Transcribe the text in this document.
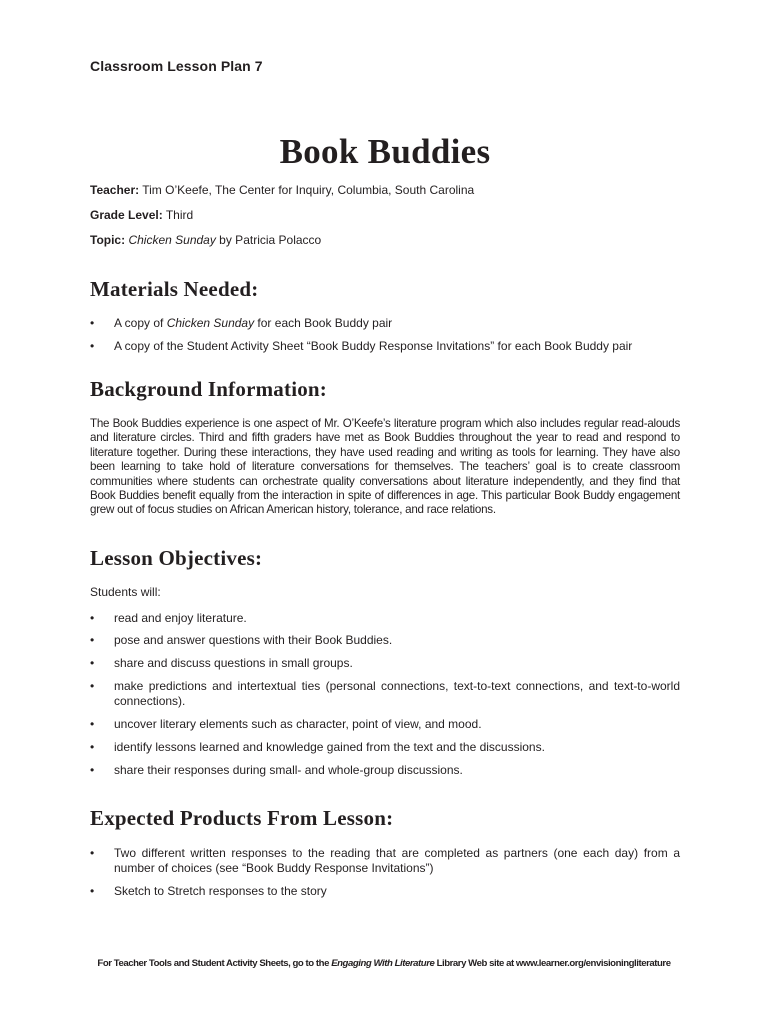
Classroom Lesson Plan 7
Book Buddies
Teacher: Tim O’Keefe, The Center for Inquiry, Columbia, South Carolina
Grade Level: Third
Topic: Chicken Sunday by Patricia Polacco
Materials Needed:
• A copy of Chicken Sunday for each Book Buddy pair
• A copy of the Student Activity Sheet “Book Buddy Response Invitations” for each Book Buddy pair
Background Information:

The Book Buddies experience is one aspect of Mr. O’Keefe’s literature program which also includes regular read-alouds and literature circles. Third and fifth graders have met as Book Buddies throughout the year to read and respond to literature together. During these interactions, they have used reading and writing as tools for learning. They have also been learning to take hold of literature conversations for themselves. The teachers’ goal is to create classroom communities where students can orchestrate quality conversations about literature independently, and they find that Book Buddies benefit equally from the interaction in spite of differences in age. This particular Book Buddy engagement grew out of focus studies on African American history, tolerance, and race relations.

Lesson Objectives:

Students will:

• read and enjoy literature.
• pose and answer questions with their Book Buddies.
• share and discuss questions in small groups.
• make predictions and intertextual ties (personal connections, text-to-text connections, and text-to-world connections).
• uncover literary elements such as character, point of view, and mood.
• identify lessons learned and knowledge gained from the text and the discussions.
• share their responses during small- and whole-group discussions.
Expected Products From Lesson:
• Two different written responses to the reading that are completed as partners (one each day) from a number of choices (see “Book Buddy Response Invitations”)
• Sketch to Stretch responses to the story
For Teacher Tools and Student Activity Sheets, go to the Engaging With Literature Library Web site at www.learner.org/envisioningliterature
